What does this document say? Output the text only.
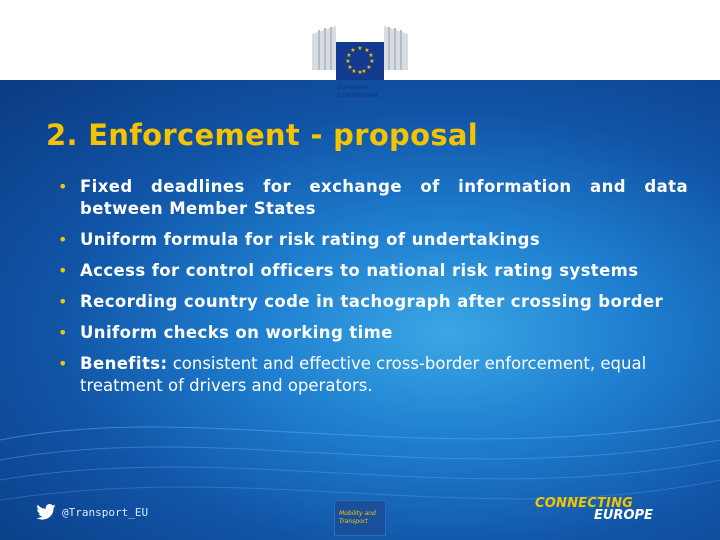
★ ★
★
★
★
★
★
★
★
★
★
★
European
Commission
2. Enforcement - proposal
• Fixed deadlines for exchange of information and data between Member States
• Uniform formula for risk rating of undertakings
• Access for control officers to national risk rating systems
• Recording country code in tachograph after crossing border
• Uniform checks on working time
• Benefits: consistent and effective cross-border enforcement, equal treatment of drivers and operators.
@Transport_EU	Mobility and
Transport
CONNECTING
EUROPE
